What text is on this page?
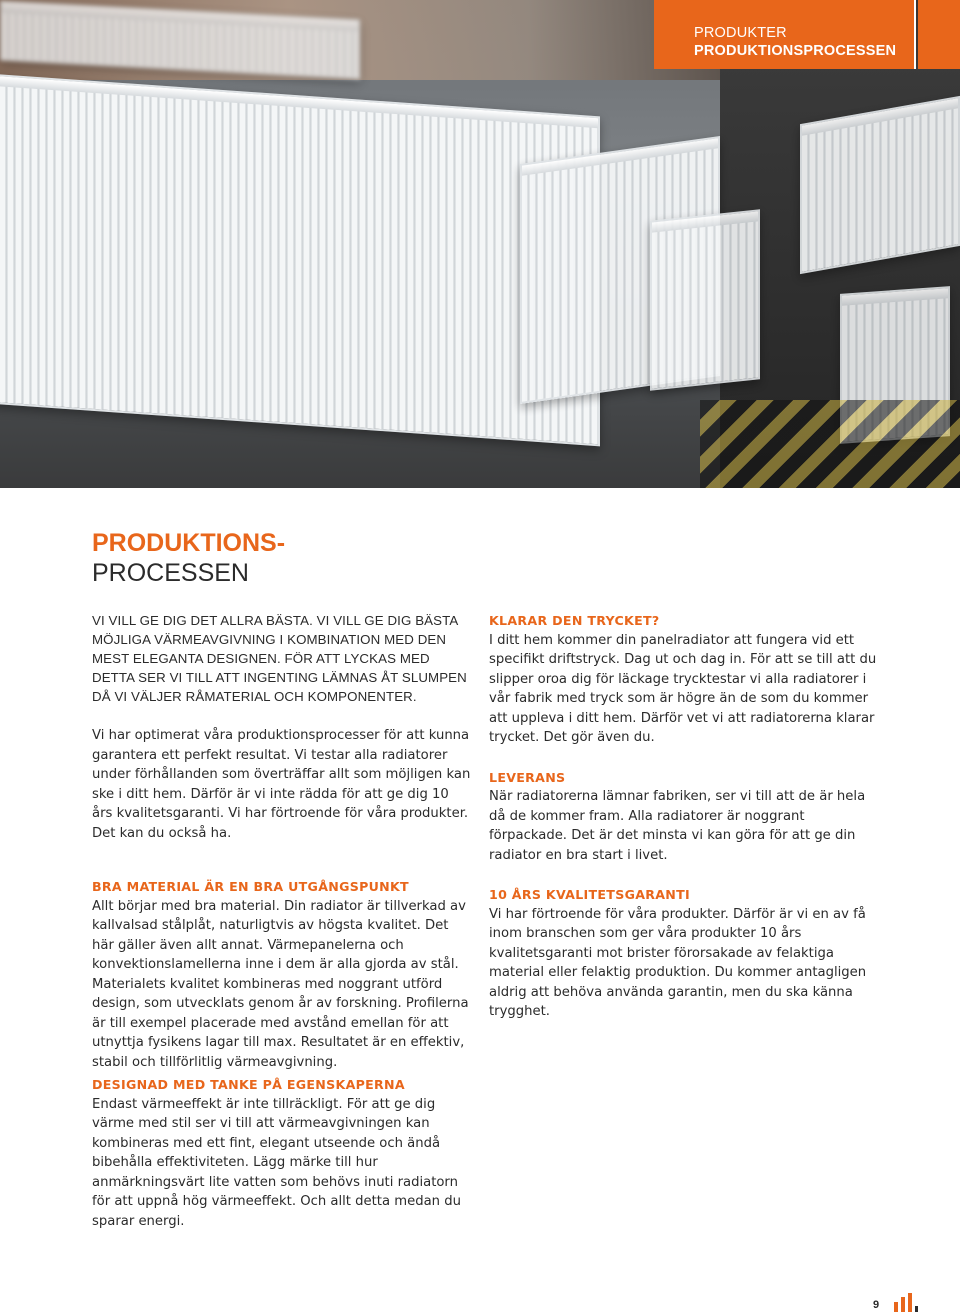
PRODUKTER
PRODUKTIONSPROCESSEN
PRODUKTIONS-
PROCESSEN

VI VILL GE DIG DET ALLRA BÄSTA. VI VILL GE DIG BÄSTA MÖJLIGA VÄRMEAVGIVNING I KOMBINATION MED DEN MEST ELEGANTA DESIGNEN. FÖR ATT LYCKAS MED DETTA SER VI TILL ATT INGENTING LÄMNAS ÅT SLUMPEN DÅ VI VÄLJER RÅMATERIAL OCH KOMPONENTER.

Vi har optimerat våra produktionsprocesser för att kunna garantera ett perfekt resultat. Vi testar alla radiatorer under förhållanden som överträffar allt som möjligen kan ske i ditt hem. Därför är vi inte rädda för att ge dig 10 års kvalitetsgaranti. Vi har förtroende för våra produkter. Det kan du också ha.

BRA MATERIAL ÄR EN BRA UTGÅNGSPUNKT

Allt börjar med bra material. Din radiator är tillverkad av kallvalsad stålplåt, naturligtvis av högsta kvalitet. Det här gäller även allt annat. Värmepanelerna och konvektionslamellerna inne i dem är alla gjorda av stål. Materialets kvalitet kombineras med noggrant utförd design, som utvecklats genom år av forskning. Profilerna är till exempel placerade med avstånd emellan för att utnyttja fysikens lagar till max. Resultatet är en effektiv, stabil och tillförlitlig värmeavgivning.

DESIGNAD MED TANKE PÅ EGENSKAPERNA

Endast värmeeffekt är inte tillräckligt. För att ge dig värme med stil ser vi till att värmeavgivningen kan kombineras med ett fint, elegant utseende och ändå bibehålla effektiviteten. Lägg märke till hur anmärkningsvärt lite vatten som behövs inuti radiatorn för att uppnå hög värmeeffekt. Och allt detta medan du sparar energi.

KLARAR DEN TRYCKET?

I ditt hem kommer din panelradiator att fungera vid ett specifikt driftstryck. Dag ut och dag in. För att se till att du slipper oroa dig för läckage trycktestar vi alla radiatorer i vår fabrik med tryck som är högre än de som du kommer att uppleva i ditt hem. Därför vet vi att radiatorerna klarar trycket. Det gör även du.

LEVERANS

När radiatorerna lämnar fabriken, ser vi till att de är hela då de kommer fram. Alla radiatorer är noggrant förpackade. Det är det minsta vi kan göra för att ge din radiator en bra start i livet.

10 ÅRS KVALITETSGARANTI

Vi har förtroende för våra produkter. Därför är vi en av få inom branschen som ger våra produkter 10 års kvalitetsgaranti mot brister förorsakade av felaktiga material eller felaktig produktion. Du kommer antagligen aldrig att behöva använda garantin, men du ska känna trygghet.

9
